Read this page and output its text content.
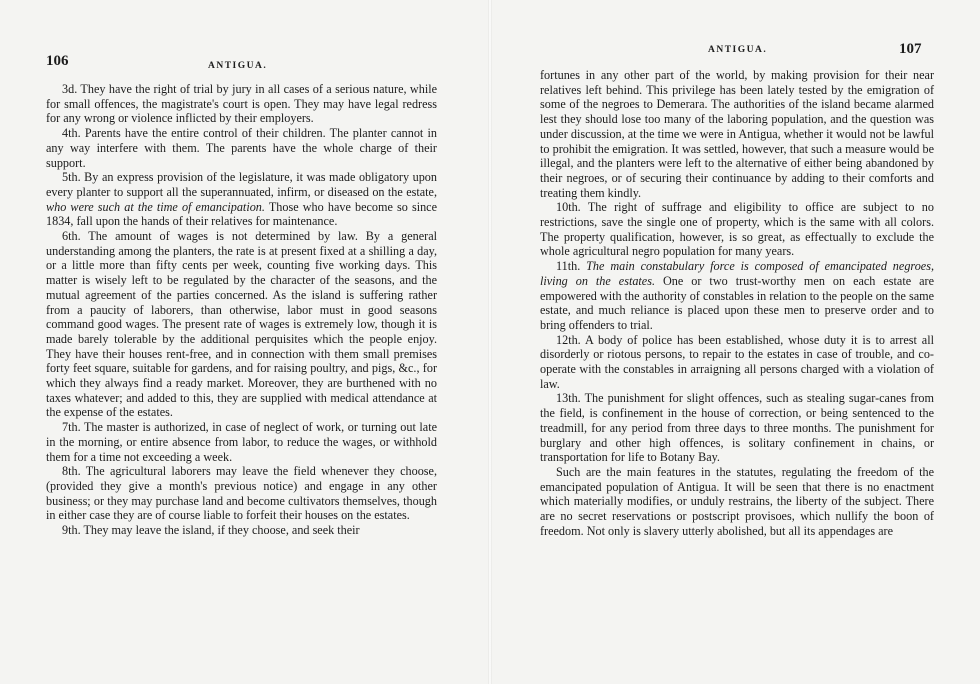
106	ANTIGUA.

3d. They have the right of trial by jury in all cases of a serious nature, while for small offences, the magistrate's court is open. They may have legal redress for any wrong or violence inflicted by their employers.

4th. Parents have the entire control of their children. The planter cannot in any way interfere with them. The parents have the whole charge of their support.

5th. By an express provision of the legislature, it was made obligatory upon every planter to support all the superannuated, infirm, or diseased on the estate, who were such at the time of emancipation. Those who have become so since 1834, fall upon the hands of their relatives for maintenance.

6th. The amount of wages is not determined by law. By a general understanding among the planters, the rate is at present fixed at a shilling a day, or a little more than fifty cents per week, counting five working days. This matter is wisely left to be regulated by the character of the seasons, and the mutual agreement of the parties concerned. As the island is suffering rather from a paucity of laborers, than otherwise, labor must in good seasons command good wages. The present rate of wages is extremely low, though it is made barely tolerable by the additional perquisites which the people enjoy. They have their houses rent-free, and in connection with them small premises forty feet square, suitable for gardens, and for raising poultry, and pigs, &c., for which they always find a ready market. Moreover, they are burthened with no taxes whatever; and added to this, they are supplied with medical attendance at the expense of the estates.

7th. The master is authorized, in case of neglect of work, or turning out late in the morning, or entire absence from labor, to reduce the wages, or withhold them for a time not exceeding a week.

8th. The agricultural laborers may leave the field whenever they choose, (provided they give a month's previous notice) and engage in any other business; or they may purchase land and become cultivators themselves, though in either case they are of course liable to forfeit their houses on the estates.

9th. They may leave the island, if they choose, and seek their

ANTIGUA.	107

fortunes in any other part of the world, by making provision for their near relatives left behind. This privilege has been lately tested by the emigration of some of the negroes to Demerara. The authorities of the island became alarmed lest they should lose too many of the laboring population, and the question was under discussion, at the time we were in Antigua, whether it would not be lawful to prohibit the emigration. It was settled, however, that such a measure would be illegal, and the planters were left to the alternative of either being abandoned by their negroes, or of securing their continuance by adding to their comforts and treating them kindly.

10th. The right of suffrage and eligibility to office are subject to no restrictions, save the single one of property, which is the same with all colors. The property qualification, however, is so great, as effectually to exclude the whole agricultural negro population for many years.

11th. The main constabulary force is composed of emancipated negroes, living on the estates. One or two trust-worthy men on each estate are empowered with the authority of constables in relation to the people on the same estate, and much reliance is placed upon these men to preserve order and to bring offenders to trial.

12th. A body of police has been established, whose duty it is to arrest all disorderly or riotous persons, to repair to the estates in case of trouble, and co-operate with the constables in arraigning all persons charged with a violation of law.

13th. The punishment for slight offences, such as stealing sugar-canes from the field, is confinement in the house of correction, or being sentenced to the treadmill, for any period from three days to three months. The punishment for burglary and other high offences, is solitary confinement in chains, or transportation for life to Botany Bay.

Such are the main features in the statutes, regulating the freedom of the emancipated population of Antigua. It will be seen that there is no enactment which materially modifies, or unduly restrains, the liberty of the subject. There are no secret reservations or postscript provisoes, which nullify the boon of freedom. Not only is slavery utterly abolished, but all its appendages are
